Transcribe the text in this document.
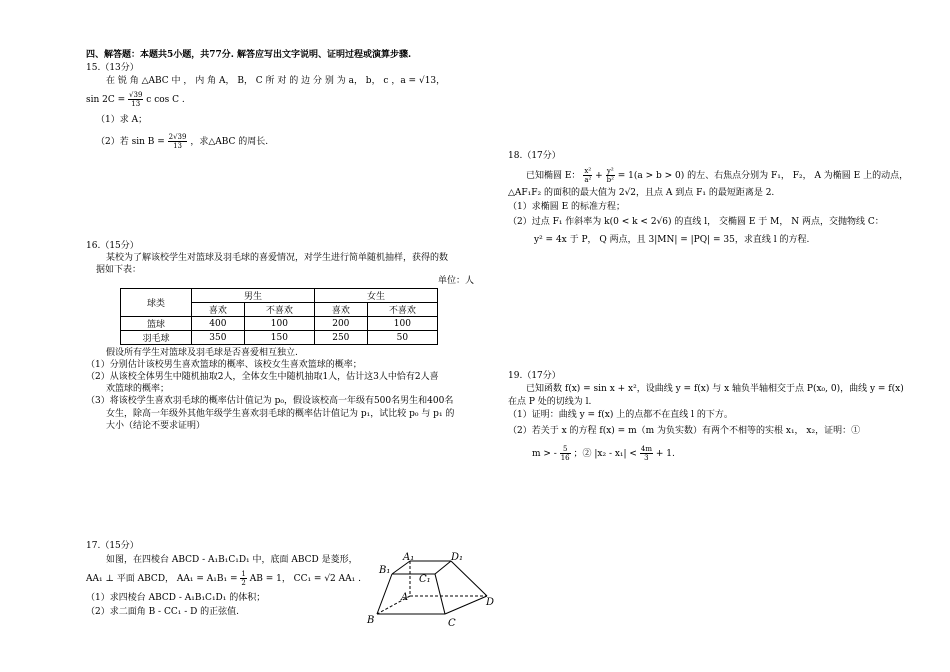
四、解答题：本题共5小题，共77分. 解答应写出文字说明、证明过程或演算步骤.
15.（13分）
在 锐 角 △ABC 中 ， 内 角 A， B， C 所 对 的 边 分 别 为 a， b， c ，a = √13，
$\sin 2C = \frac{√39}{13}$ c cos C .
（1）求 A；
（2）若 $\sin B = \frac{2√39}{13}$ ，求△ABC 的周长.
16.（15分）
某校为了解该校学生对篮球及羽毛球的喜爱情况，对学生进行简单随机抽样，获得的数
据如下表：
单位：人
球类	男生		女生	
	喜欢	不喜欢	喜欢	不喜欢
篮球	400	100	200	100
羽毛球	350	150	250	50
假设所有学生对篮球及羽毛球是否喜爱相互独立.
（1）分别估计该校男生喜欢篮球的概率、该校女生喜欢篮球的概率；
（2）从该校全体男生中随机抽取2人，全体女生中随机抽取1人，估计这3人中恰有2人喜
欢篮球的概率；
（3）将该校学生喜欢羽毛球的概率估计值记为 p₀，假设该校高一年级有500名男生和400名
女生，除高一年级外其他年级学生喜欢羽毛球的概率估计值记为 p₁，试比较 p₀ 与 p₁ 的
大小（结论不要求证明）
17.（15分）
如图，在四棱台 ABCD - A₁B₁C₁D₁ 中，底面 ABCD 是菱形，
AA₁ ⊥ 平面 ABCD， $AA_1 = A_1B_1 = \frac{1}{2}$ AB = 1， CC₁ = √2 AA₁ .
（1）求四棱台 ABCD - A₁B₁C₁D₁ 的体积；
（2）求二面角 B - CC₁ - D 的正弦值.
A₁	D₁
B₁
C₁
A
B	C
D
18.（17分）
已知椭圆 E： $\frac{\text{x²}}{\text{a²}} + \frac{\text{y²}}{\text{b²}} = 1(a > b > 0)$ 的左、右焦点分别为 F₁， F₂， A 为椭圆 E 上的动点，
△AF₁F₂ 的面积的最大值为 2√2，且点 A 到点 F₁ 的最短距离是 2.
（1）求椭圆 E 的标准方程；
（2）过点 F₁ 作斜率为 k(0 < k < 2√6) 的直线 l， 交椭圆 E 于 M， N 两点，交抛物线 C：
y² = 4x 于 P， Q 两点，且 3|MN| = |PQ| = 35，求直线 l 的方程.
19.（17分）
已知函数 f(x) = sin x + x²，设曲线 y = f(x) 与 x 轴负半轴相交于点 P(x₀, 0)，曲线 y = f(x)
在点 P 处的切线为 l.
（1）证明：曲线 y = f(x) 上的点都不在直线 l 的下方。
（2）若关于 x 的方程 f(x) = m（m 为负实数）有两个不相等的实根 x₁， x₂，证明：①
m > - $\frac{5}{16}$ ；② $|x_2 - x_1| < \frac{4m}{3} + 1$.
